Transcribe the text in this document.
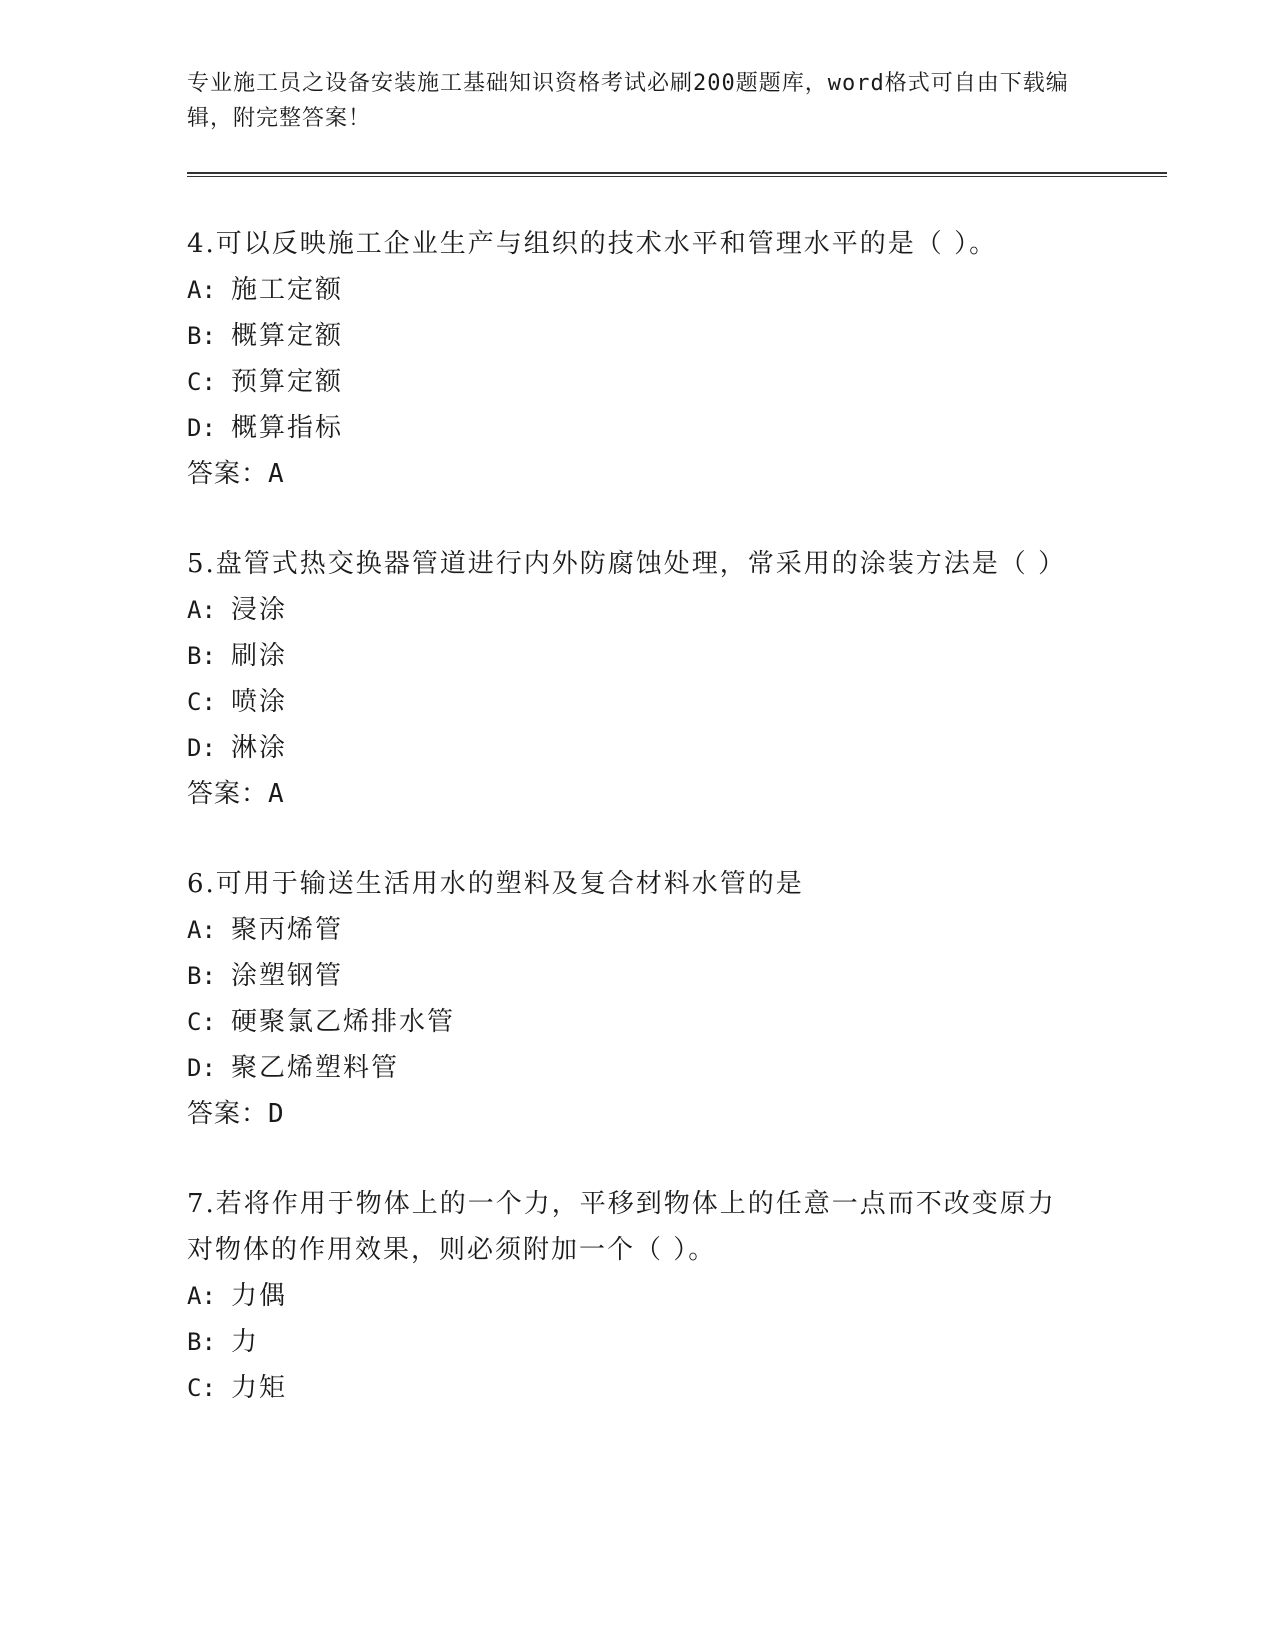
专业施工员之设备安装施工基础知识资格考试必刷200题题库，word格式可自由下载编辑，附完整答案！
4.可以反映施工企业生产与组织的技术水平和管理水平的是（ ）。
A: 施工定额
B: 概算定额
C: 预算定额
D: 概算指标
答案：A
5.盘管式热交换器管道进行内外防腐蚀处理，常采用的涂装方法是（ ）
A: 浸涂
B: 刷涂
C: 喷涂
D: 淋涂
答案：A
6.可用于输送生活用水的塑料及复合材料水管的是
A: 聚丙烯管
B: 涂塑钢管
C: 硬聚氯乙烯排水管
D: 聚乙烯塑料管
答案：D
7.若将作用于物体上的一个力，平移到物体上的任意一点而不改变原力对物体的作用效果，则必须附加一个（ ）。
A: 力偶
B: 力
C: 力矩
